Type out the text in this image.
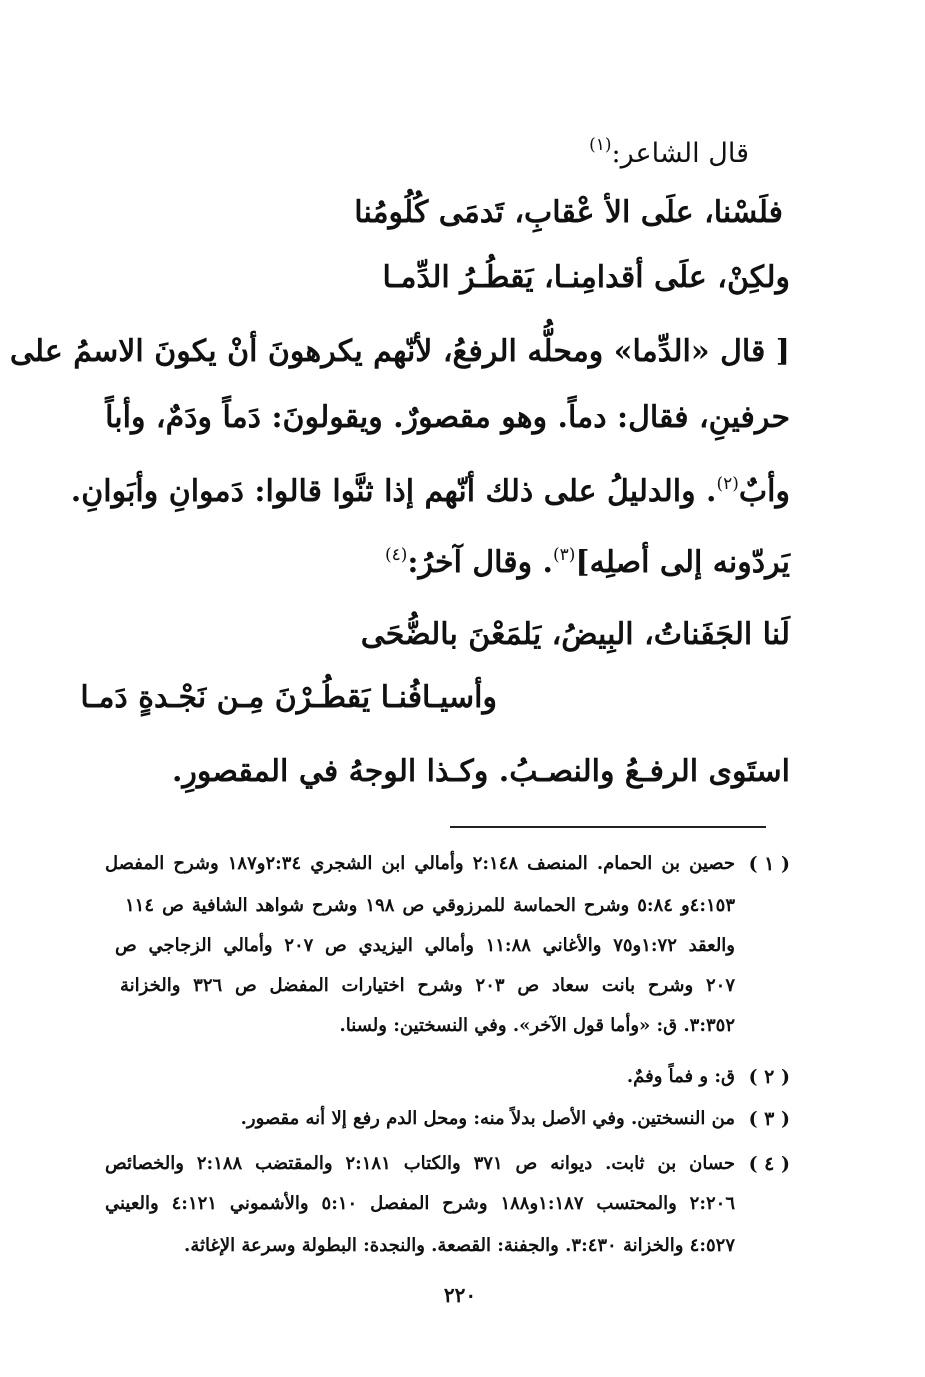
قال الشاعر:$^{(١)}$
فلَسْنا، علَى الأ عْقابِ، تَدمَى كُلُومُنا
ولكِنْ، علَى أقدامِنـا، يَقطُـرُ الدِّمـا
[ قال «الدِّما» ومحلُّه الرفعُ، لأنّهم يكرهونَ أنْ يكونَ الاسمُ على
حرفينِ، فقال: دماً. وهو مقصورٌ. ويقولونَ: دَماً ودَمٌ، وأباً
وأبٌ$^{(٢)}$. والدليلُ على ذلك أنّهم إذا ثنَّوا قالوا: دَموانِ وأبَوانِ.
يَردّونه إلى أصلِه]$^{(٣)}$. وقال آخرُ:$^{(٤)}$
لَنا الجَفَناتُ، البِيضُ، يَلمَعْنَ بالضُّحَى
وأسيـافُنـا يَقطُـرْنَ مِـن نَجْـدةٍ دَمـا
استَوى الرفـعُ والنصـبُ. وكـذا الوجهُ في المقصورِ.
( ١ )
حصين بن الحمام. المنصف ٢:١٤٨ وأمالي ابن الشجري ٢:٣٤و١٨٧ وشرح المفصل
٤:١٥٣و ٥:٨٤ وشرح الحماسة للمرزوقي ص ١٩٨ وشرح شواهد الشافية ص ١١٤
والعقد ١:٧٢و٧٥ والأغاني ١١:٨٨ وأمالي اليزيدي ص ٢٠٧ وأمالي الزجاجي ص
٢٠٧ وشرح بانت سعاد ص ٢٠٣ وشرح اختيارات المفضل ص ٣٢٦ والخزانة
٣:٣٥٢. ق: «وأما قول الآخر». وفي النسختين: ولسنا.
( ٢ )
ق: و فماً وفمٌ.
( ٣ )
من النسختين. وفي الأصل بدلاً منه: ومحل الدم رفع إلا أنه مقصور.
( ٤ )
حسان بن ثابت. ديوانه ص ٣٧١ والكتاب ٢:١٨١ والمقتضب ٢:١٨٨ والخصائص
٢:٢٠٦ والمحتسب ١:١٨٧و١٨٨ وشرح المفصل ٥:١٠ والأشموني ٤:١٢١ والعيني
٤:٥٢٧ والخزانة ٣:٤٣٠. والجفنة: القصعة. والنجدة: البطولة وسرعة الإغاثة.
٢٢٠
